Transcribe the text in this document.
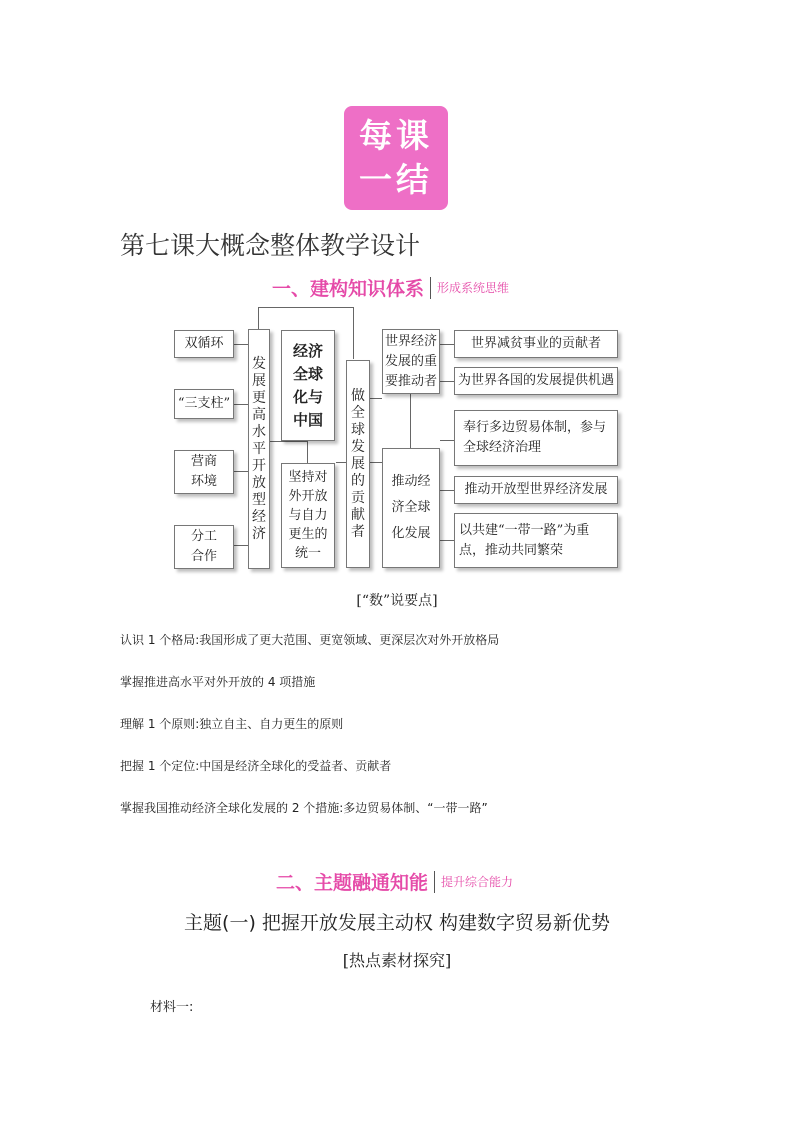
每课
一结
第七课大概念整体教学设计
一、建构知识体系 形成系统思维
双循环
“三支柱”
营商环境
分工合作
发展更高水平开放型经济
经济全球化与中国
坚持对外开放与自力更生的统一
做全球发展的贡献者
世界经济发展的重要推动者
推动经济全球化发展
世界减贫事业的贡献者
为世界各国的发展提供机遇
奉行多边贸易体制，参与全球经济治理
推动开放型世界经济发展
以共建“一带一路”为重点，推动共同繁荣
[“数”说要点]
认识 1 个格局:我国形成了更大范围、更宽领域、更深层次对外开放格局
掌握推进高水平对外开放的 4 项措施
理解 1 个原则:独立自主、自力更生的原则
把握 1 个定位:中国是经济全球化的受益者、贡献者
掌握我国推动经济全球化发展的 2 个措施:多边贸易体制、“一带一路”
二、主题融通知能 提升综合能力
主题(一) 把握开放发展主动权 构建数字贸易新优势
[热点素材探究]
材料一:
